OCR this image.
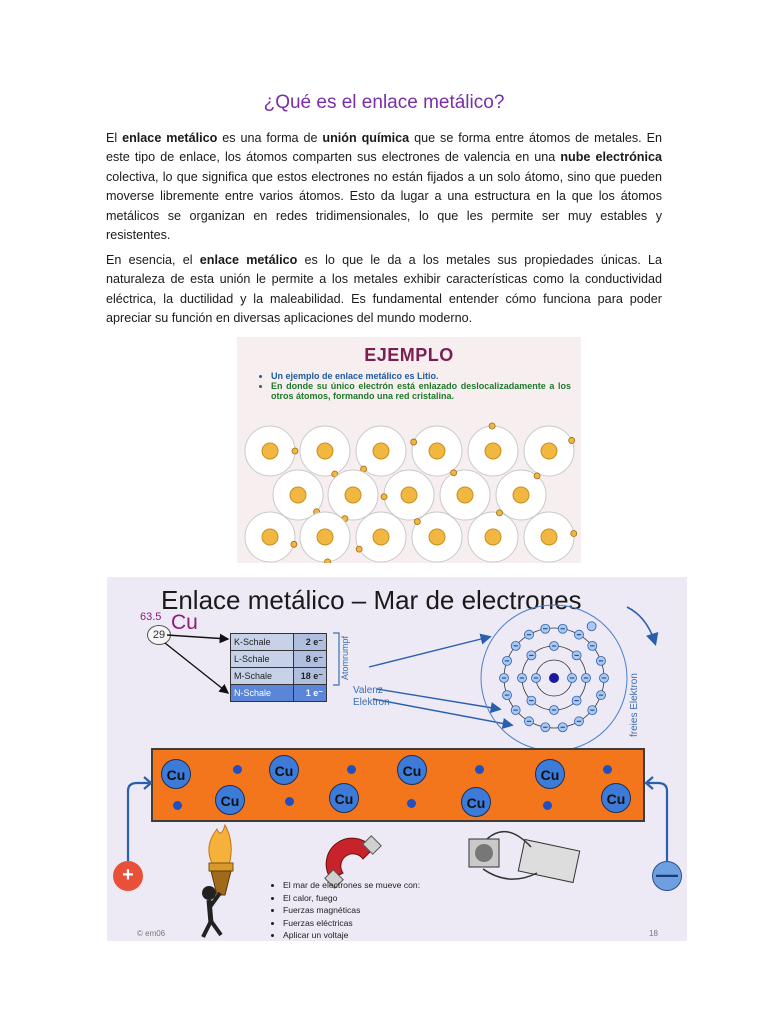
¿Qué es el enlace metálico?

El enlace metálico es una forma de unión química que se forma entre átomos de metales. En este tipo de enlace, los átomos comparten sus electrones de valencia en una nube electrónica colectiva, lo que significa que estos electrones no están fijados a un solo átomo, sino que pueden moverse libremente entre varios átomos. Esto da lugar a una estructura en la que los átomos metálicos se organizan en redes tridimensionales, lo que les permite ser muy estables y resistentes.

En esencia, el enlace metálico es lo que le da a los metales sus propiedades únicas. La naturaleza de esta unión le permite a los metales exhibir características como la conductividad eléctrica, la ductilidad y la maleabilidad. Es fundamental entender cómo funciona para poder apreciar su función en diversas aplicaciones del mundo moderno.

EJEMPLO
• Un ejemplo de enlace metálico es Litio.
• En donde su único electrón está enlazado deslocalizadamente a los otros átomos, formando una red cristalina.
Enlace metálico – Mar de electrones
63.5 Cu
29
K-Schale	2 e⁻
L-Schale	8 e⁻
M-Schale	18 e⁻
N-Schale	1 e⁻
Atomrumpf
Valenz-
Elektron	freies Elektron
Cu	Cu	Cu	Cu
Cu	Cu	Cu	Cu
+	—
• El mar de electrones se mueve con:
• El calor, fuego
• Fuerzas magnéticas
• Fuerzas eléctricas
• Aplicar un voltaje
© em06	18
